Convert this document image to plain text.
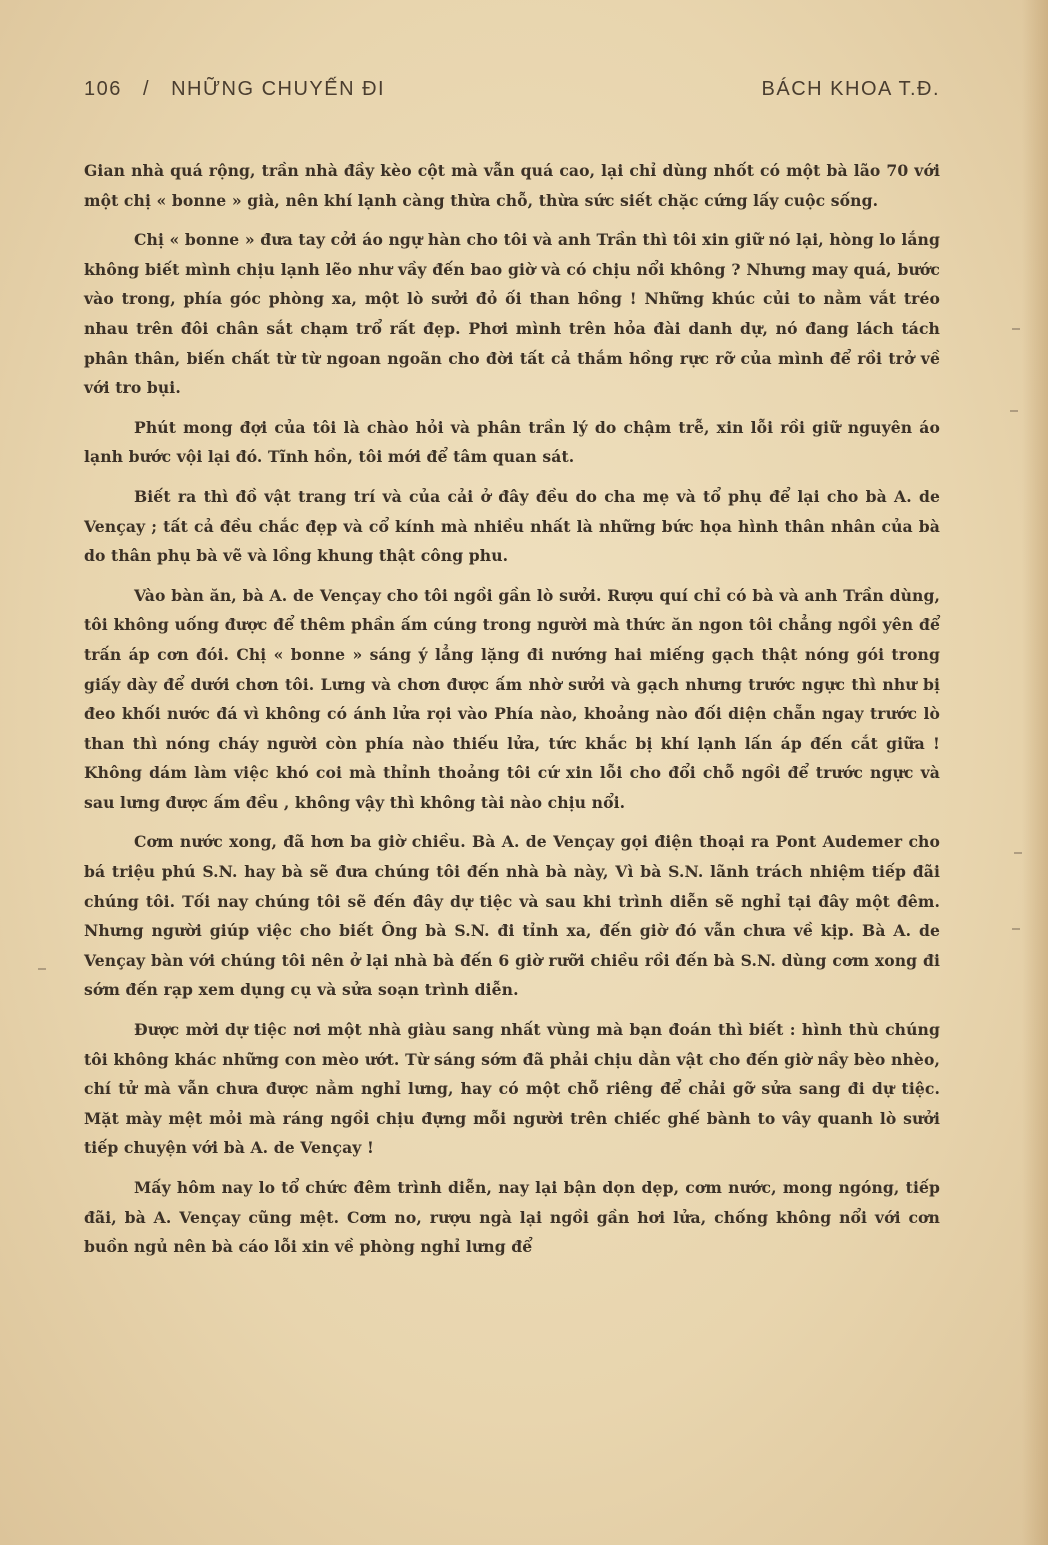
106 / NHỮNG CHUYẾN ĐI	BÁCH KHOA T.Đ.

Gian nhà quá rộng, trần nhà đầy kèo cột mà vẫn quá cao, lại chỉ dùng nhốt có một bà lão 70 với một chị « bonne » già, nên khí lạnh càng thừa chỗ, thừa sức siết chặc cứng lấy cuộc sống.

Chị « bonne » đưa tay cởi áo ngự hàn cho tôi và anh Trần thì tôi xin giữ nó lại, hòng lo lắng không biết mình chịu lạnh lẽo như vầy đến bao giờ và có chịu nổi không ? Nhưng may quá, bước vào trong, phía góc phòng xa, một lò sưởi đỏ ối than hồng ! Những khúc củi to nằm vắt tréo nhau trên đôi chân sắt chạm trổ rất đẹp. Phơi mình trên hỏa đài danh dự, nó đang lách tách phân thân, biến chất từ từ ngoan ngoãn cho đời tất cả thắm hồng rực rỡ của mình để rồi trở về với tro bụi.

Phút mong đợi của tôi là chào hỏi và phân trần lý do chậm trễ, xin lỗi rồi giữ nguyên áo lạnh bước vội lại đó. Tĩnh hồn, tôi mới để tâm quan sát.

Biết ra thì đồ vật trang trí và của cải ở đây đều do cha mẹ và tổ phụ để lại cho bà A. de Vençay ; tất cả đều chắc đẹp và cổ kính mà nhiều nhất là những bức họa hình thân nhân của bà do thân phụ bà vẽ và lồng khung thật công phu.

Vào bàn ăn, bà A. de Vençay cho tôi ngồi gần lò sưởi. Rượu quí chỉ có bà và anh Trần dùng, tôi không uống được để thêm phần ấm cúng trong người mà thức ăn ngon tôi chẳng ngồi yên để trấn áp cơn đói. Chị « bonne » sáng ý lẳng lặng đi nướng hai miếng gạch thật nóng gói trong giấy dày để dưới chơn tôi. Lưng và chơn được ấm nhờ sưởi và gạch nhưng trước ngực thì như bị đeo khối nước đá vì không có ánh lửa rọi vào Phía nào, khoảng nào đối diện chẵn ngay trước lò than thì nóng cháy người còn phía nào thiếu lửa, tức khắc bị khí lạnh lấn áp đến cắt giữa ! Không dám làm việc khó coi mà thỉnh thoảng tôi cứ xin lỗi cho đổi chỗ ngồi để trước ngực và sau lưng được ấm đều , không vậy thì không tài nào chịu nổi.

Cơm nước xong, đã hơn ba giờ chiều. Bà A. de Vençay gọi điện thoại ra Pont Audemer cho bá triệu phú S.N. hay bà sẽ đưa chúng tôi đến nhà bà này, Vì bà S.N. lãnh trách nhiệm tiếp đãi chúng tôi. Tối nay chúng tôi sẽ đến đây dự tiệc và sau khi trình diễn sẽ nghỉ tại đây một đêm. Nhưng người giúp việc cho biết Ông bà S.N. đi tỉnh xa, đến giờ đó vẫn chưa về kịp. Bà A. de Vençay bàn với chúng tôi nên ở lại nhà bà đến 6 giờ rưỡi chiều rồi đến bà S.N. dùng cơm xong đi sớm đến rạp xem dụng cụ và sửa soạn trình diễn.

Được mời dự tiệc nơi một nhà giàu sang nhất vùng mà bạn đoán thì biết : hình thù chúng tôi không khác những con mèo ướt. Từ sáng sớm đã phải chịu dằn vật cho đến giờ nầy bèo nhèo, chí tử mà vẫn chưa được nằm nghỉ lưng, hay có một chỗ riêng để chải gỡ sửa sang đi dự tiệc. Mặt mày mệt mỏi mà ráng ngồi chịu đựng mỗi người trên chiếc ghế bành to vây quanh lò sưởi tiếp chuyện với bà A. de Vençay !

Mấy hôm nay lo tổ chức đêm trình diễn, nay lại bận dọn dẹp, cơm nước, mong ngóng, tiếp đãi, bà A. Vençay cũng mệt. Cơm no, rượu ngà lại ngồi gần hơi lửa, chống không nổi với cơn buồn ngủ nên bà cáo lỗi xin về phòng nghỉ lưng để
